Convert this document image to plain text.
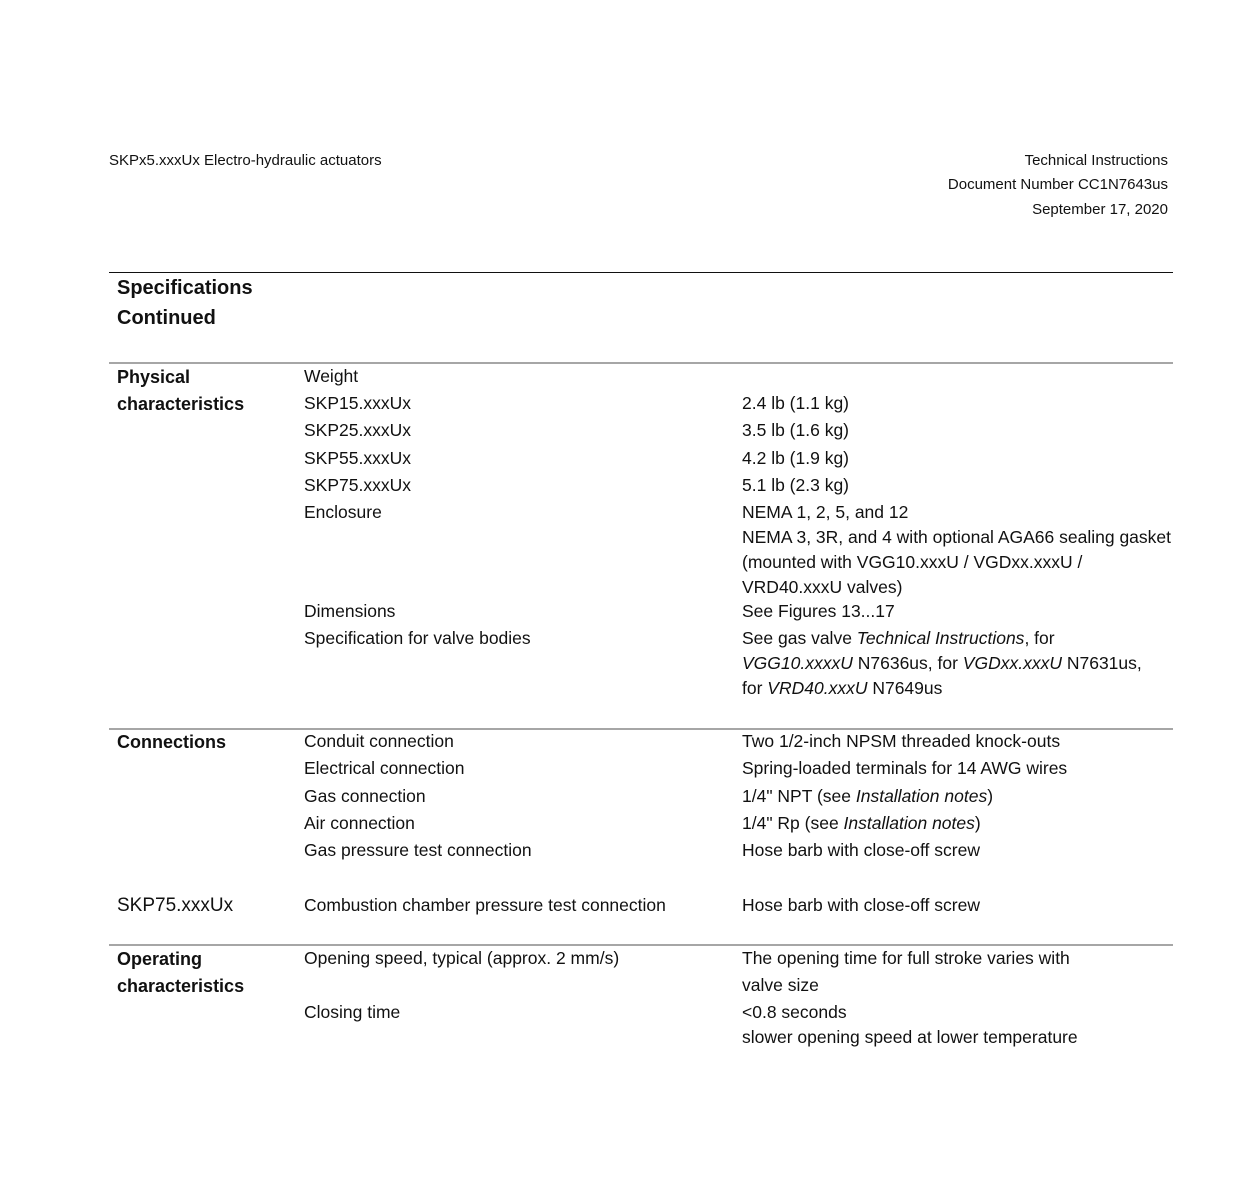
SKPx5.xxxUx Electro-hydraulic actuators	Technical Instructions
Document Number CC1N7643us
September 17, 2020
Specifications
Continued
Physical
characteristics
Weight
SKP15.xxxUx	2.4 lb (1.1 kg)
SKP25.xxxUx	3.5 lb (1.6 kg)
SKP55.xxxUx	4.2 lb (1.9 kg)
SKP75.xxxUx	5.1 lb (2.3 kg)
Enclosure	NEMA 1, 2, 5, and 12
NEMA 3, 3R, and 4 with optional AGA66 sealing gasket (mounted with VGG10.xxxU / VGDxx.xxxU / VRD40.xxxU valves)
Dimensions	See Figures 13...17
Specification for valve bodies	See gas valve Technical Instructions, for
VGG10.xxxxU N7636us, for VGDxx.xxxU N7631us,
for VRD40.xxxU N7649us
Connections	Conduit connection	Two 1/2-inch NPSM threaded knock-outs
Electrical connection	Spring-loaded terminals for 14 AWG wires
Gas connection	1/4" NPT (see Installation notes)
Air connection	1/4" Rp (see Installation notes)
Gas pressure test connection	Hose barb with close-off screw
SKP75.xxxUx	Combustion chamber pressure test connection	Hose barb with close-off screw
Operating
characteristics
Opening speed, typical (approx. 2 mm/s)	The opening time for full stroke varies with
valve size
Closing time	<0.8 seconds
slower opening speed at lower temperature
